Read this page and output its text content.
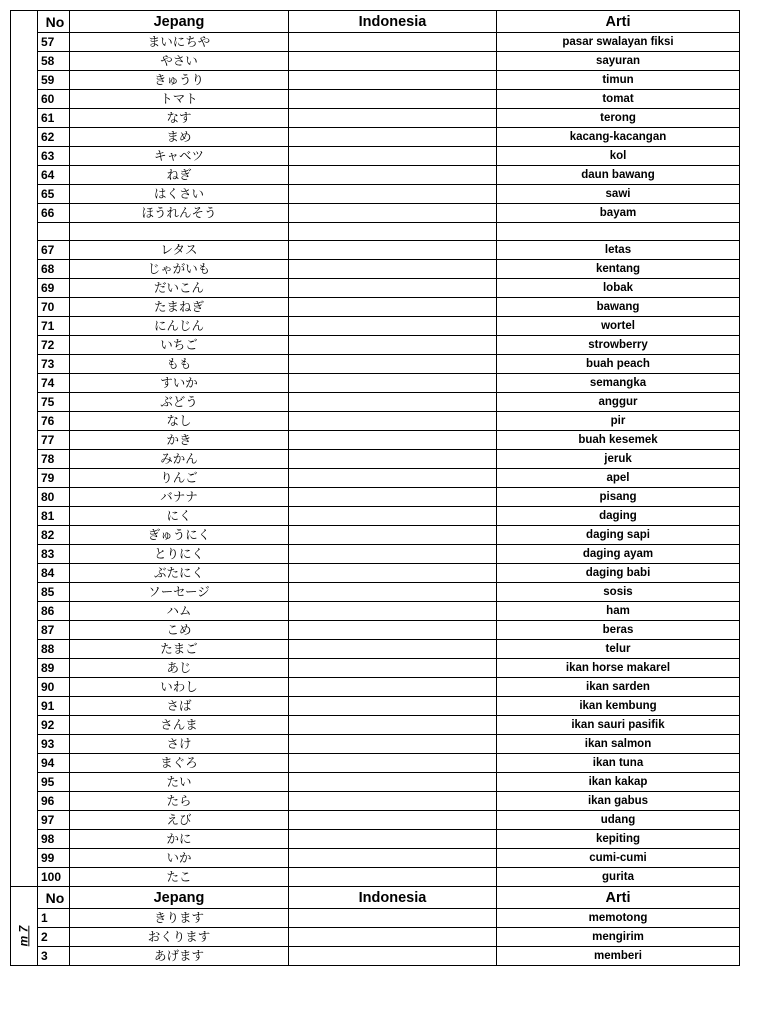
pelajaran	No	Jepang	Indonesia	Arti
	57	まいにちや		pasar swalayan fiksi
	58	やさい		sayuran
	59	きゅうり		timun
	60	トマト		tomat
	61	なす		terong
	62	まめ		kacang-kacangan
	63	キャベツ		kol
	64	ねぎ		daun bawang
	65	はくさい		sawi
	66	ほうれんそう		bayam

	67	レタス		letas
	68	じゃがいも		kentang
	69	だいこん		lobak
	70	たまねぎ		bawang
	71	にんじん		wortel
	72	いちご		strowberry
	73	もも		buah peach
	74	すいか		semangka
	75	ぶどう		anggur
	76	なし		pir
	77	かき		buah kesemek
	78	みかん		jeruk
	79	りんご		apel
	80	バナナ		pisang
	81	にく		daging
	82	ぎゅうにく		daging sapi
	83	とりにく		daging ayam
	84	ぶたにく		daging babi
	85	ソーセージ		sosis
	86	ハム		ham
	87	こめ		beras
	88	たまご		telur
	89	あじ		ikan horse makarel
	90	いわし		ikan sarden
	91	さば		ikan kembung
	92	さんま		ikan sauri pasifik
	93	さけ		ikan salmon
	94	まぐろ		ikan tuna
	95	たい		ikan kakap
	96	たら		ikan gabus
	97	えび		udang
	98	かに		kepiting
	99	いか		cumi-cumi
	100	たこ		gurita

m 7	No	Jepang	Indonesia	Arti
	1	きります		memotong
	2	おくります		mengirim
	3	あげます		memberi
